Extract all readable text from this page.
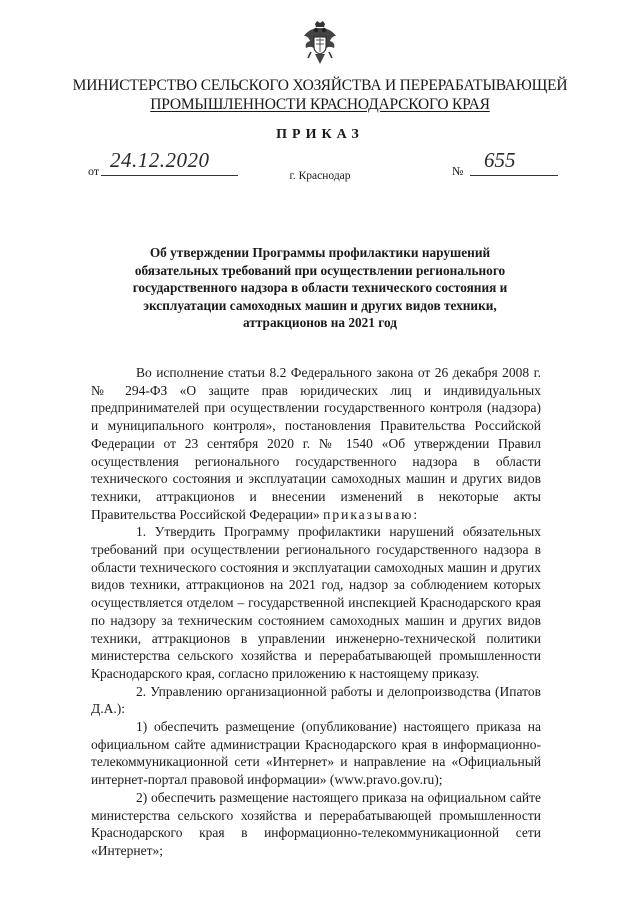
МИНИСТЕРСТВО СЕЛЬСКОГО ХОЗЯЙСТВА И ПЕРЕРАБАТЫВАЮЩЕЙ
ПРОМЫШЛЕННОСТИ КРАСНОДАРСКОГО КРАЯ
ПРИКАЗ
от 24.12.2020	№ 655
г. Краснодар
Об утверждении Программы профилактики нарушений обязательных требований при осуществлении регионального государственного надзора в области технического состояния и эксплуатации самоходных машин и других видов техники, аттракционов на 2021 год

Во исполнение статьи 8.2 Федерального закона от 26 декабря 2008 г. № 294-ФЗ «О защите прав юридических лиц и индивидуальных предпринимателей при осуществлении государственного контроля (надзора) и муниципального контроля», постановления Правительства Российской Федерации от 23 сентября 2020 г. № 1540 «Об утверждении Правил осуществления регионального государственного надзора в области технического состояния и эксплуатации самоходных машин и других видов техники, аттракционов и внесении изменений в некоторые акты Правительства Российской Федерации» приказываю:

1. Утвердить Программу профилактики нарушений обязательных требований при осуществлении регионального государственного надзора в области технического состояния и эксплуатации самоходных машин и других видов техники, аттракционов на 2021 год, надзор за соблюдением которых осуществляется отделом – государственной инспекцией Краснодарского края по надзору за техническим состоянием самоходных машин и других видов техники, аттракционов в управлении инженерно-технической политики министерства сельского хозяйства и перерабатывающей промышленности Краснодарского края, согласно приложению к настоящему приказу.

2. Управлению организационной работы и делопроизводства (Ипатов Д.А.):

1) обеспечить размещение (опубликование) настоящего приказа на официальном сайте администрации Краснодарского края в информационно-телекоммуникационной сети «Интернет» и направление на «Официальный интернет-портал правовой информации» (www.pravo.gov.ru);

2) обеспечить размещение настоящего приказа на официальном сайте министерства сельского хозяйства и перерабатывающей промышленности Краснодарского края в информационно-телекоммуникационной сети «Интернет»;
